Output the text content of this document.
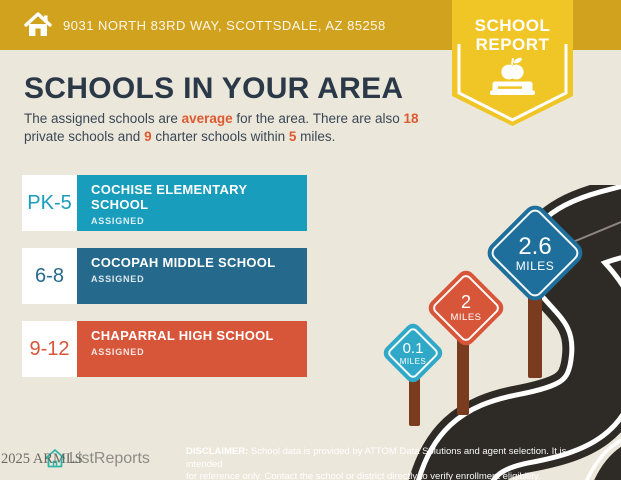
9031 NORTH 83RD WAY, SCOTTSDALE, AZ 85258	SCHOOL
REPORT
SCHOOLS IN YOUR AREA

The assigned schools are average for the area. There are also 18
private schools and 9 charter schools within 5 miles.

PK-5
COCHISE ELEMENTARY SCHOOL
ASSIGNED
6-8
COCOPAH MIDDLE SCHOOL
ASSIGNED
9-12
CHAPARRAL HIGH SCHOOL
ASSIGNED	0.1
MILES
2
MILES
2.6
MILES
ListReports
2025 ARMLS	DISCLAIMER: School data is provided by ATTOM Data Solutions and agent selection. It is intended
for reference only. Contact the school or district directly to verify enrollment eligibility.
